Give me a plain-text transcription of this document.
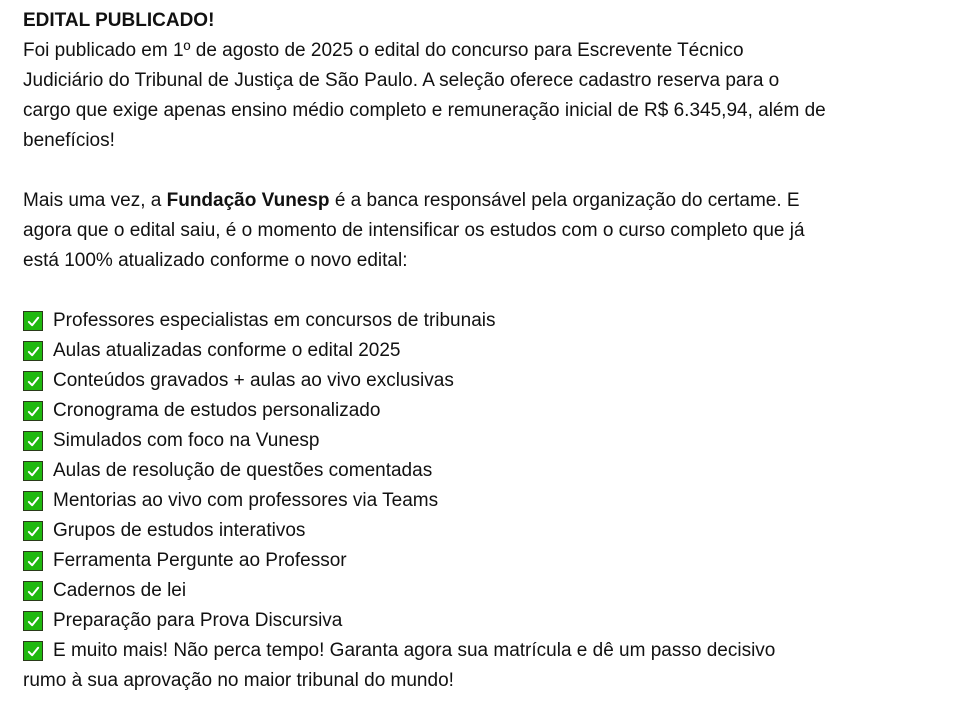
EDITAL PUBLICADO!
Foi publicado em 1º de agosto de 2025 o edital do concurso para Escrevente Técnico
Judiciário do Tribunal de Justiça de São Paulo. A seleção oferece cadastro reserva para o
cargo que exige apenas ensino médio completo e remuneração inicial de R$ 6.345,94, além de
benefícios!
Mais uma vez, a Fundação Vunesp é a banca responsável pela organização do certame. E
agora que o edital saiu, é o momento de intensificar os estudos com o curso completo que já
está 100% atualizado conforme o novo edital:
Professores especialistas em concursos de tribunais
Aulas atualizadas conforme o edital 2025
Conteúdos gravados + aulas ao vivo exclusivas
Cronograma de estudos personalizado
Simulados com foco na Vunesp
Aulas de resolução de questões comentadas
Mentorias ao vivo com professores via Teams
Grupos de estudos interativos
Ferramenta Pergunte ao Professor
Cadernos de lei
Preparação para Prova Discursiva
E muito mais! Não perca tempo! Garanta agora sua matrícula e dê um passo decisivo
rumo à sua aprovação no maior tribunal do mundo!
